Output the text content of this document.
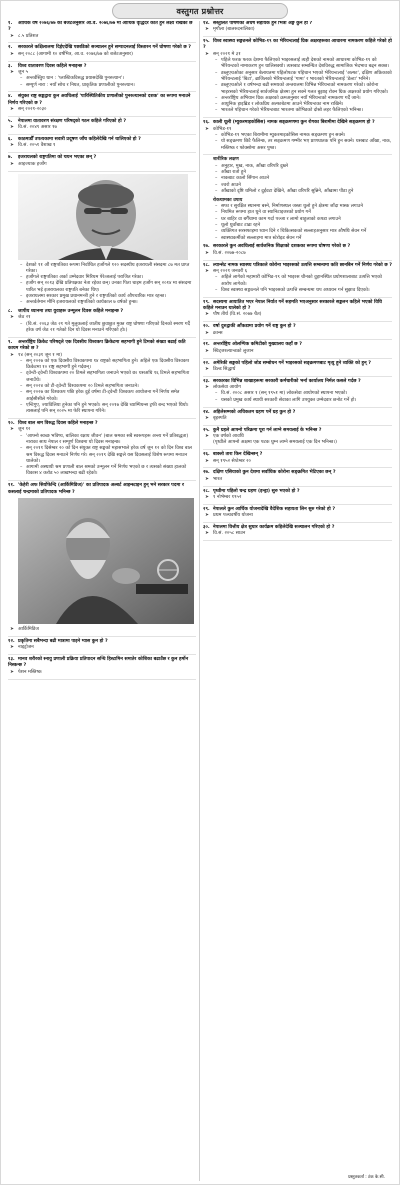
वस्तुगत प्रश्नोत्तर
१. आर्थिक वर्ष २०७६/७७ को बजेटअनुसार आ.व. २०७६/७७ मा आर्थिक वृद्धिदर कति हुने लक्ष्य राखेको छ ?
➤ ८.५ प्रतिशत
२. सरकारले कक्षिलालमा दिईएदेखि पछाडिको सञ्चालन हुने सम्पादनलाई विस्तारन गर्ने घोषणा गरेको छ ?
➤ सन् २०८८ (आगामी १० वर्षभित्र, आ.व. २०७६/७७ को बजेटअनुसार)
३. विश्व वातावरण दिवस कहिले मनाइन्छ ?
➤ जुन ५
– अन्तर्वस्तुिय थान : 'प्लास्टिकविरुद्ध प्रयासदेखि पुनरुत्थान'।
– सम्पूर्ण नारा : नयाँ सोच र नियत, प्राकृतिक प्रणालीको पुनरुत्थान।
४. संयुक्त राष्ट्र सङ्घद्वारा कुन अवधिलाई 'पारिस्थितिकीय प्रणालीको पुनरुत्थानको दशक' का रूपमा मनाउने निर्णय गरिएको छ ?
➤ सन् २०२१-२०३०
५. नेपालमा वातावरण संरक्षण परिषद्को गठन कहिले गरिएको हो ?
➤ वि.सं. २०४९ असार १७
६. काठमाडौँ उपत्यकामा सवारी प्रदूषण जाँच कहिलेदेखि गर्न थालिएको हो ?
➤ वि.सं. २०५१ वैशाख १
७. इजरायलको राष्ट्रपतिमा को चयन भएका छन् ?
➤ आइज्याक हर्जोग
– देशको ११ औं राष्ट्रपतिका रूपमा निर्वाचित हर्जोगले १२० सदस्यीय इजरायली संसदमा ८७ मत प्राप्त गरेका।
– हर्जोगले राष्ट्रपतिका अर्का उम्मेदवार मिरियम पेरेत्जलाई पराजित गरेका।
– हर्जोग सन् २०१३ देखि प्रतिपक्षका नेता रहेका छन्। उनका पिता चाइम हर्जोग सन् २०१४ मा संसदमा पारित भई इजरायलका राष्ट्रपति बनेका थिए।
– इजरायलमा सरकार प्रमुख प्रधानमन्त्री हुने र राष्ट्रपतिको कार्य औपचारिक मात्र रहन्छ।
– अन्तर्वर्तमान मौनि इजरायलको राष्ट्रपतिको कार्यकाल ७ वर्षको हुन्छ।
८. जापीय ध्यानमा तथा युवाहरू उन्मूलन दिवस कहिले मनाइन्छ ?
➤ जेठ २१
– (वि.सं. २०६३ जेठ २१ गते मुलुकलाई जातीय छुवाछुत मुक्त राष्ट्र घोषणा गरिएको दिनको स्मरण गर्दै हरेक वर्ष जेठ २१ गतेको दिन यो दिवस मनाउने गरिएको हो।)
९. अन्तर्राष्ट्रिय क्रिकेट परिषद्ले एक दिवसीय विश्वकप क्रिकेटमा सहभागी हुने टिमको संख्या बढाई कति कायम गरेको छ ?
➤ १४ (सन् २०३१ जून १ मा)
– सन् २०२७ को एक दिवसीय विश्वकपमा १४ राष्ट्रको सहभागिता हुने। अहिले एक दिवसीय विश्वकप क्रिकेटमा १० राष्ट्र सहभागी हुने गर्दछन्।
– ट्वेन्टी-ट्वेन्टी विश्वकपमा २० टिमले सहभागिता जनाउने भएको छ। यसअघि १६ टिमले सहभागिता जनाउँथे।
– सन् २०२४ को टी-ट्वेन्टी विश्वकपमा २० टिमले सहभागिता जनाउने।
– सन् २०२७ का विश्वकप पछि हरेक दुई वर्षमा टी-ट्वेन्टी विश्वकप आयोजना गर्ने निर्णय समेत आईसीसीले गरेको।
– एन्टिगुए, ज्याविलिया हुनेका पनि हुने भएको। सन् २०१७ देखि च्याम्पियन्स ट्रफी बन्द भएको थियो। त्यसलाई पनि सन् २०२५ मा फेरि स्थापना गरिने।
१०. विश्व बाल श्रम विरुद्ध दिवस कहिले मनाइन्छ ?
➤ जुन १२
– 'आफ्नो स्वच्छ भविष्य, बालिका रक्षाय जीवन' (बाल श्रमका सबै स्वरूपहरू अन्त्य गर्ने प्रतिबद्धता) नाराका साथ नेपाल र सम्पूर्ण विश्वमा यो दिवस मनाइन्छ।
– सन् २०११ दिसेम्बर २० को दिन संयुक्त राष्ट्र सङ्घको महासभाले हरेक वर्ष जुन १२ को दिन विश्व बाल श्रम विरुद्ध दिवस मनाउने निर्णय गरे। सन् २०१९ देखि सङ्घले यस दिवसलाई विशेष रूपमा मनाउन थालेको।
– आगामी अस्थायी श्रम प्रणाली बाल श्रमको उन्मूलन गर्ने निर्णय भएको छ र त्यसको संख्या हालको विकास ४ करोड ५० लाखभन्दा बढी रहेको।
११. 'केहेरी अफ सिर्योफेन्दि (आर्किमिडिज)' का प्रतिपादक अल्बर्ट आइन्स्टाइन हुन् भने सरकार पदमा र कसलाई चन्द्रमाको प्रतिपादक भनिन्छ ?
➤ आर्किमिडिज
१२. प्रकृतिमा सबैभन्दा बढी मात्रामा पाइने ग्यास कुन हो ?
➤ नाइट्रोजन
१३. मानव शरीरको स्नायु प्रणाली प्रक्रिया प्रतिपादन सन्धि हिस्टामिन समातेर कोशिका बढाउँछ र कुन हर्मोन निस्कन्छ ?
➤ पेशन मस्तिष्क
१४. सस्तुलित पोषणको अधर्ष सहायक हुने भित्री अङ्ग कुन हो ?
➤ मृगौला (बालरुदनालिका)
१५. विश्व स्वास्थ्य सङ्गठनले कोभिड-१९ का भेरियन्टलाई ग्रिक अक्षरहरूका आधारमा नामकरण कहिले गरेको हो ?
➤ सन् २०२१ मे ३१
– पहिले फरक फरक देशमा फैलिएको भाइरसलाई त्यही देशको नामको आधारमा कोभिड-१९ को भेरियन्टको नामाकरण हुन थालिसक्यो। त्यसबाट सम्बन्धित देशविरुद्ध सामाजिक भेदभाव बढ्न सक्छ।
– डब्लुएचओका अनुसार बेलायतमा पहिलोपटक पहिचान भएको भेरियन्टलाई 'अल्फा', दक्षिण अफ्रिकाको भेरियन्टलाई 'बिटा', ब्राजिलको भेरियन्टलाई 'गामा' र भारतको भेरियन्टलाई 'डेल्टा' भनिने।
– डब्लुएचओले १ वर्षभन्दा बढी समयको अन्तरालमा विभिन्न भेरियन्टको नामकरण गरेको। कोरोना भाइरसको भेरियन्टलाई सार्वजनिक क्षेत्रमा हुन सक्ने गलत बुझाइ रोक्न ग्रिक अक्षरको प्रयोग गरिएको।
– अन्तर्राष्ट्रिय अभियान ग्रिक अक्षरको क्रमअनुसार नयाँ भेरियन्टको नामकरण गर्दै जाने।
– आधुनिक हाइब्रिड र लोकप्रिय अल्फाबेटमा आउने भेरियन्टका नाम राखिने।
– भारतले पहिचान गरेको भेरियन्टबाट भारतमा कोभिडको दोस्रो लहर फैलिएको भनिन्छ।
१६. काली धूली (म्युकरमाइकोसिस) नामक सङ्क्रमणमा कुन रोगका बिरामीमा देखिने सङ्क्रमण हो ?
➤ कोभिड-१९
– कोभिड-१९ भएका बिरामीमा म्युकरमाइकोसिस नामक सङ्क्रमण हुन सक्ने।
– यो सङ्क्रमण छिटै फैलिन्छ, तर सङ्क्रमण गम्भीर भए प्राणघातक पनि हुन सक्ने। यसबाट आँखा, नाक, मस्तिष्क र फोक्सोमा असर पुग्छ।
शारीरिक लक्षण
– अनुहार, मुख, नाक, आँखा वरिपरि दुख्ने
– आँखा रातो हुने
– नाकबाट कालो सिँगान आउने
– ज्वरो आउने
– आँखाको दृष्टि धमिलो र दुईवटा देखिने, आँखा वरिपरि सुन्निने, आँखामा पीडा हुने
रोकथामका उपाय
– सफा र सुरक्षित स्थानमा बस्ने, निर्माणस्थल जस्ता धुलो हुने क्षेत्रमा जाँदा मास्क लगाउने
– नियमित रूपमा हात धुने वा स्यानिटाइजरको प्रयोग गर्ने
– घर बाहिर वा बगैँचामा काम गर्दा पञ्जा र लामो बाहुलाको कपडा लगाउने
– धूलो धुवाँबाट टाढा रहने
– व्यक्तिगत सरसफाइमा ध्यान दिने र चिकित्सकको सल्लाहअनुसार मात्र औषधि सेवन गर्ने
– स्वास्थ्यकर्मीको सल्लाहमा मात्र स्टेरोइड सेवन गर्ने
१७. सरकारले कुन अवधिलाई सार्वजनिक शिक्षाको दशकका रूपमा घोषणा गरेको छ ?
➤ वि.सं. २०७७-२०८७
१८. ल्यान्सेट नामक स्वास्थ्य पत्रिकाले कोरोना भाइरसको उत्पत्ति सम्बन्धमा कति छानबिन गर्ने निर्णय गरेको छ ?
➤ सन् २०२१ जनवरी ६
– अहिले लागेको महामारी कोभिड-१९ को भाइरस चीनको वुहानस्थित प्रयोगशालाबाट उत्पत्ति भएको आरोप लागेको।
– विश्व स्वास्थ्य सङ्गठनले पनि भाइरसको उत्पत्ति सम्बन्धमा थप अध्ययन गर्न सुझाव दिएको।
१९. सदस्यमा आयातित भएर नेपाल निर्यात गर्ने सहमति भएअनुसार सरकारले सङ्कलन कहिले भएको विधि कहिले मनाउन थालेको हो ?
➤ पौष तीर्थ (वि.सं. २०७७ चैत)
२०. वर्षा दुरुद्वाकी आँकडामा प्रयोग गर्ने राष्ट्र कुन हो ?
➤ क्रान्स
२१. अन्तर्राष्ट्रिय ओलम्पिक कमिटीको मुख्यालय कहाँ छ ?
➤ स्विट्जरल्यान्डको लुजान
२२. अमेरिकी सङ्घको पहिलो जोड सम्बोधन गर्ने भाइरसको सङ्क्रमणबाट मृत्यु हुने व्यक्ति को हुन् ?
➤ डिल्ड सिद्धार्थ
२३. सरकारका विभिन्न शाखाहरूमा सरकारी कर्मचारीको भर्ना कार्यालय निर्मल कसले गर्दछ ?
➤ लोकसेवा आयोग
– वि.सं. २००८ असार १ (सन् १९५१ मा) लोकसेवा आयोगको स्थापना भएको।
– यसको प्रमुख कार्य स्थायी सरकारी सेवाका लागि उपयुक्त उम्मेदवार छनोट गर्ने हो।
२४. अहिलेसम्मको अधिकतम ग्रहण पर्ने ग्रह कुन हो ?
➤ बृहस्पति
२५. कुनै ग्रहले आफ्नो परिक्रमा पूरा गर्न लाग्ने समयलाई के भनिन्छ ?
➤ एक वर्षको आवधि
(पृथ्वीले आफ्नो अक्षमा एक पटक घुम्न लाग्ने समयलाई एक दिन भनिन्छ।)
२६. बाक्लो तारा किन देखिन्छन् ?
➤ सन् १९५२ सेप्टेम्बर २०
२७. दक्षिण एसियाको कुन देशमा सर्वाधिक कोरोना सङ्क्रमित भेटिएका छन् ?
➤ भारत
२८. पृथ्वीमा पहिलो चन्द्र ग्रहण (इन्ड्रा) सुरु भएको हो ?
➤ १ नोभेम्बर १९५२
२९. नेपालले कुन आर्थिक योजनादेखि वैदेशिक सहायता लिन सुरु गरेको हो ?
➤ प्रथम पञ्चवर्षीय योजना
३०. नेपालमा वित्तीय क्षेत्र सुधार कार्यक्रम कहिलेदेखि सञ्चालन गरिएको हो ?
➤ वि.सं. २०५८ साउन
प्रस्तुतकर्ता : टंक के.सी.
